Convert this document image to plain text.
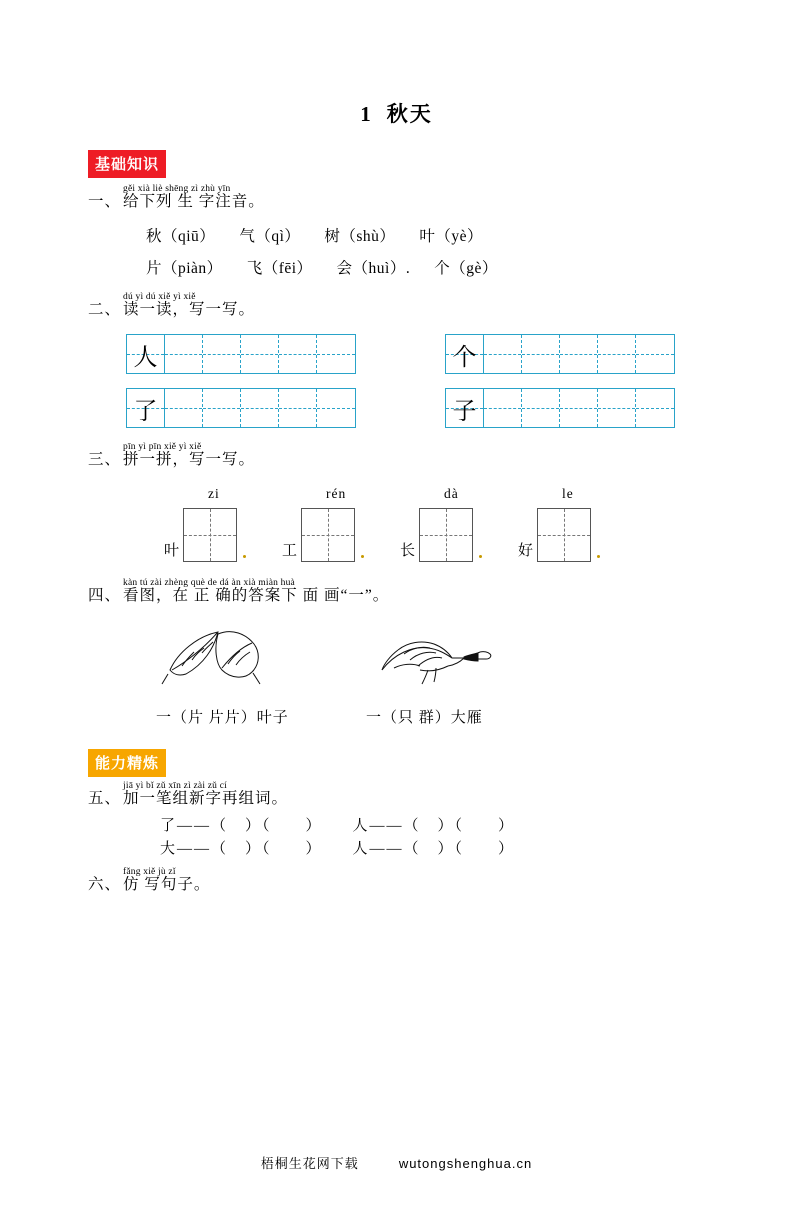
1 秋天
基础知识
一、
gěi xià liè shēng zì zhù yīn
给下列 生 字注音。
秋（qiū） 气（qì） 树（shù） 叶（yè）
片（piàn） 飞（fēi） 会（huì）. 个（gè）
二、
dú yì dú xiě yì xiě
读一读，写一写。
人	个
了	子
三、
pīn yì pīn xiě yì xiě
拼一拼，写一写。
zi	rén	dà	le
叶	工	长	好
四、
kàn tú zài zhèng què de dá àn xià miàn huà
看图，在 正 确的答案下 面 画“一”。
一（片 片片）叶子	一（只 群）大雁
能力精炼
五、
jiā yì bǐ zǔ xīn zì zài zǔ cí
加一笔组新字再组词。
了——（　）（　　） 人——（　）（　　）
大——（　）（　　） 人——（　）（　　）
六、
fǎng xiě jù zǐ
仿 写句子。
梧桐生花网下载	wutongshenghua.cn
